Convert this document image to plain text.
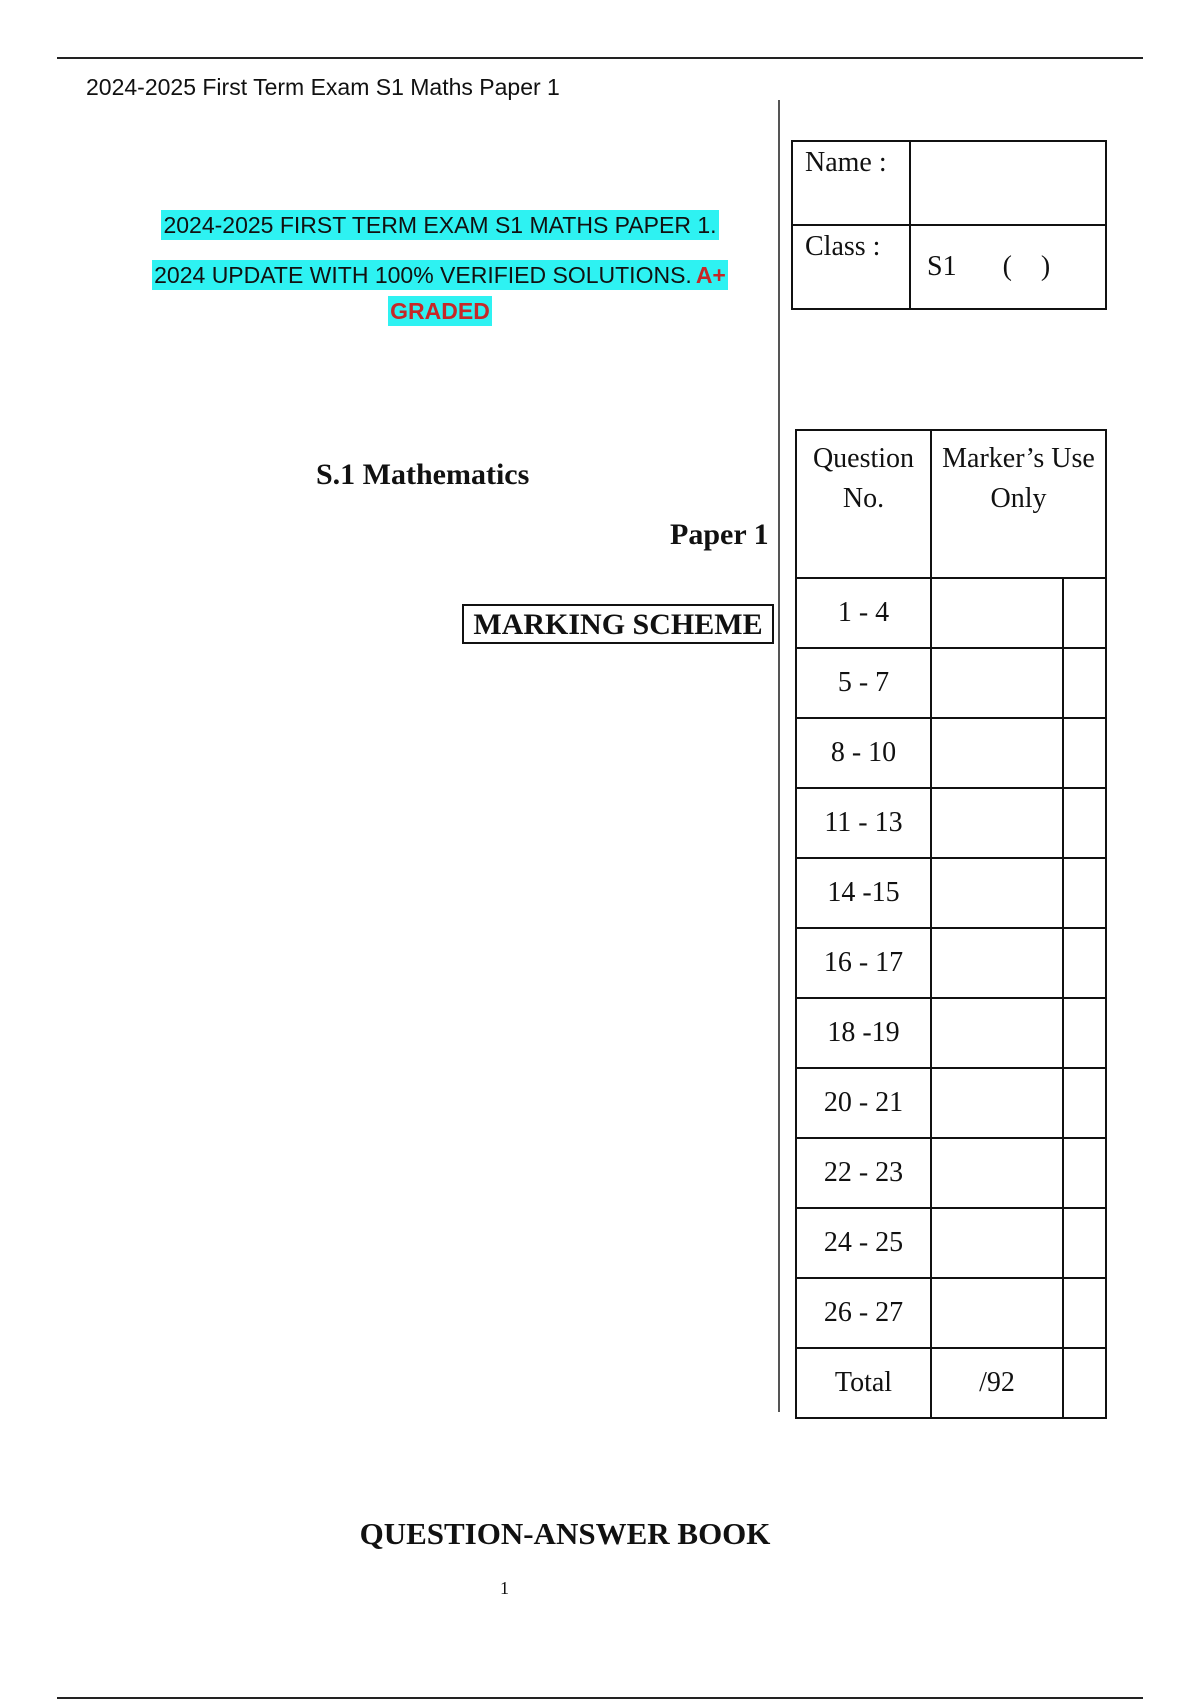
2024-2025 First Term Exam S1 Maths Paper 1
2024-2025 FIRST TERM EXAM S1 MATHS PAPER 1.
2024 UPDATE WITH 100% VERIFIED SOLUTIONS. A+
GRADED
Name :	
Class :	S1 ( )
S.1 Mathematics
Paper 1
MARKING SCHEME
Question No.	Marker’s Use Only	
1 - 4		
5 - 7		
8 - 10		
11 - 13		
14 -15		
16 - 17		
18 -19		
20 - 21		
22 - 23		
24 - 25		
26 - 27		
Total	/92	
QUESTION-ANSWER BOOK
1
